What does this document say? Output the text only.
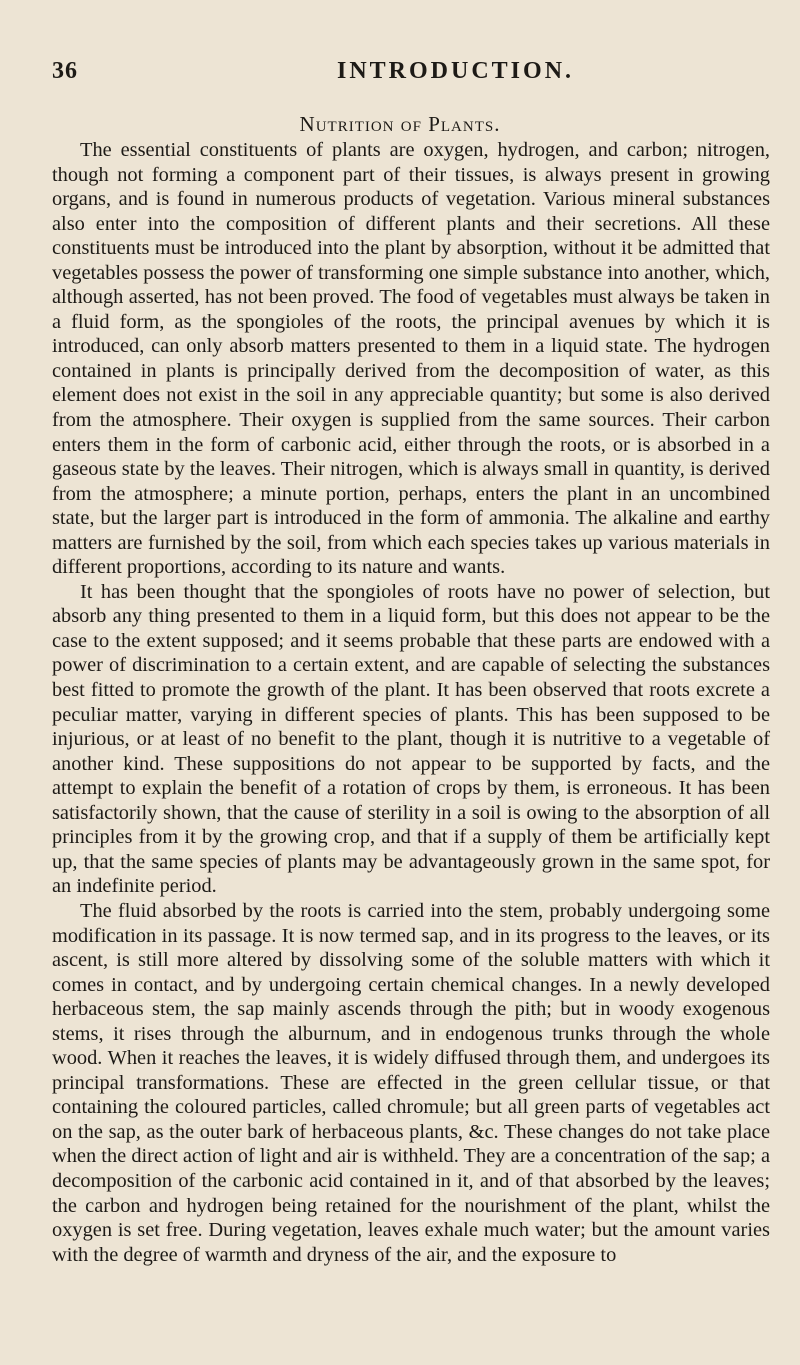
36	INTRODUCTION.
Nutrition of Plants.

The essential constituents of plants are oxygen, hydrogen, and carbon; nitrogen, though not forming a component part of their tissues, is always present in growing organs, and is found in numerous products of vegetation. Various mineral substances also enter into the composition of different plants and their secretions. All these constituents must be introduced into the plant by absorption, without it be admitted that vegetables possess the power of transforming one simple substance into another, which, although asserted, has not been proved. The food of vegetables must always be taken in a fluid form, as the spongioles of the roots, the principal avenues by which it is introduced, can only absorb matters presented to them in a liquid state. The hydrogen contained in plants is principally derived from the decomposition of water, as this element does not exist in the soil in any appreciable quantity; but some is also derived from the atmosphere. Their oxygen is supplied from the same sources. Their carbon enters them in the form of carbonic acid, either through the roots, or is absorbed in a gaseous state by the leaves. Their nitrogen, which is always small in quantity, is derived from the atmosphere; a minute portion, perhaps, enters the plant in an uncombined state, but the larger part is introduced in the form of ammonia. The alkaline and earthy matters are furnished by the soil, from which each species takes up various materials in different proportions, according to its nature and wants.

It has been thought that the spongioles of roots have no power of selection, but absorb any thing presented to them in a liquid form, but this does not appear to be the case to the extent supposed; and it seems probable that these parts are endowed with a power of discrimination to a certain extent, and are capable of selecting the substances best fitted to promote the growth of the plant. It has been observed that roots excrete a peculiar matter, varying in different species of plants. This has been supposed to be injurious, or at least of no benefit to the plant, though it is nutritive to a vegetable of another kind. These suppositions do not appear to be supported by facts, and the attempt to explain the benefit of a rotation of crops by them, is erroneous. It has been satisfactorily shown, that the cause of sterility in a soil is owing to the absorption of all principles from it by the growing crop, and that if a supply of them be artificially kept up, that the same species of plants may be advantageously grown in the same spot, for an indefinite period.

The fluid absorbed by the roots is carried into the stem, probably undergoing some modification in its passage. It is now termed sap, and in its progress to the leaves, or its ascent, is still more altered by dissolving some of the soluble matters with which it comes in contact, and by undergoing certain chemical changes. In a newly developed herbaceous stem, the sap mainly ascends through the pith; but in woody exogenous stems, it rises through the alburnum, and in endogenous trunks through the whole wood. When it reaches the leaves, it is widely diffused through them, and undergoes its principal transformations. These are effected in the green cellular tissue, or that containing the coloured particles, called chromule; but all green parts of vegetables act on the sap, as the outer bark of herbaceous plants, &c. These changes do not take place when the direct action of light and air is withheld. They are a concentration of the sap; a decomposition of the carbonic acid contained in it, and of that absorbed by the leaves; the carbon and hydrogen being retained for the nourishment of the plant, whilst the oxygen is set free. During vegetation, leaves exhale much water; but the amount varies with the degree of warmth and dryness of the air, and the exposure to
